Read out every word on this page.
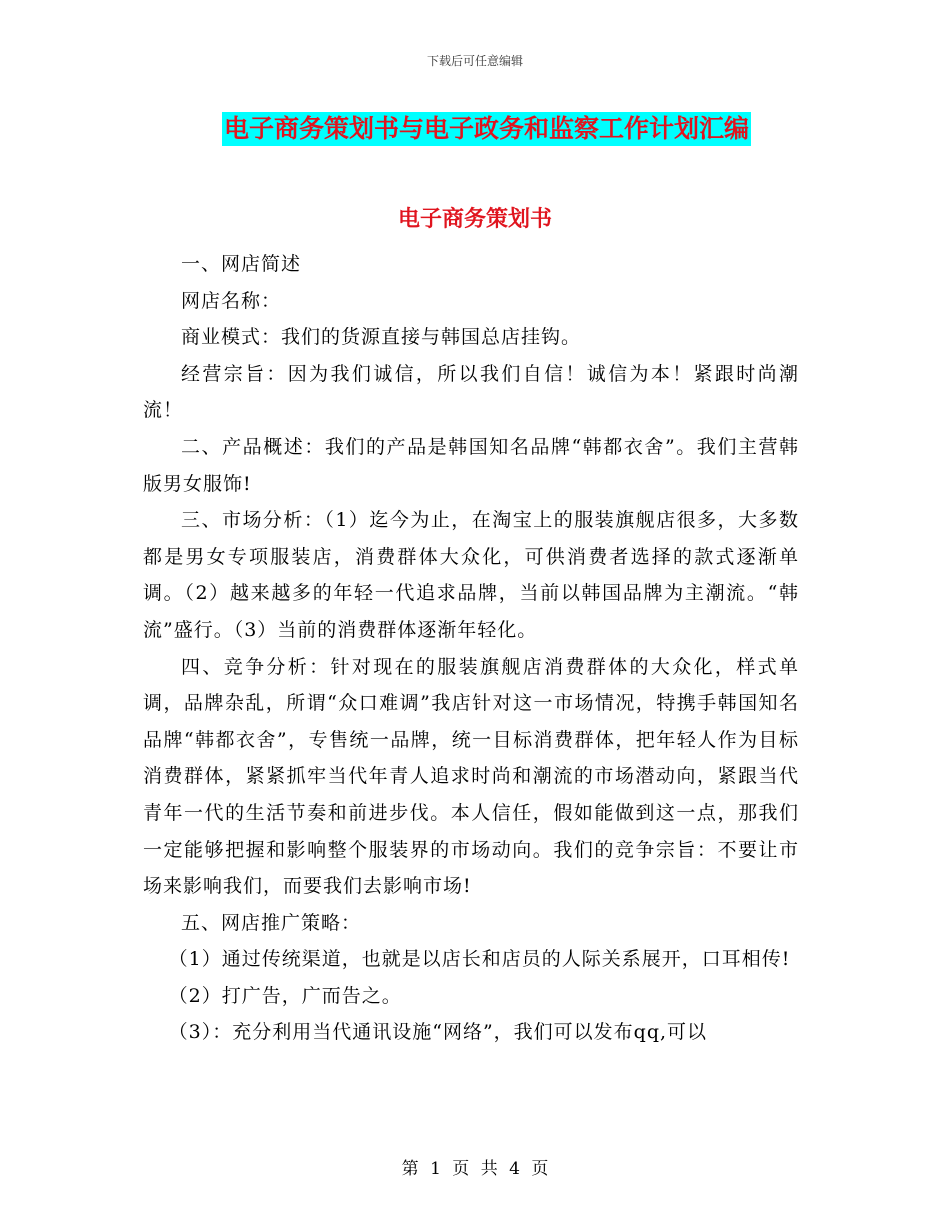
下载后可任意编辑
电子商务策划书与电子政务和监察工作计划汇编
电子商务策划书

一、网店简述

网店名称：

商业模式：我们的货源直接与韩国总店挂钩。

经营宗旨：因为我们诚信，所以我们自信！诚信为本！紧跟时尚潮流！

二、产品概述：我们的产品是韩国知名品牌“韩都衣舍”。我们主营韩版男女服饰!

三、市场分析：（1）迄今为止，在淘宝上的服装旗舰店很多，大多数都是男女专项服装店，消费群体大众化，可供消费者选择的款式逐渐单调。（2）越来越多的年轻一代追求品牌，当前以韩国品牌为主潮流。“韩流”盛行。（3）当前的消费群体逐渐年轻化。

四、竞争分析：针对现在的服装旗舰店消费群体的大众化，样式单调，品牌杂乱，所谓“众口难调”我店针对这一市场情况，特携手韩国知名品牌“韩都衣舍”，专售统一品牌，统一目标消费群体，把年轻人作为目标消费群体，紧紧抓牢当代年青人追求时尚和潮流的市场潜动向，紧跟当代青年一代的生活节奏和前进步伐。本人信任，假如能做到这一点，那我们一定能够把握和影响整个服装界的市场动向。我们的竞争宗旨：不要让市场来影响我们，而要我们去影响市场!

五、网店推广策略：

（1）通过传统渠道，也就是以店长和店员的人际关系展开，口耳相传!

（2）打广告，广而告之。

（3）：充分利用当代通讯设施“网络”，我们可以发布qq,可以

第 1 页 共 4 页
